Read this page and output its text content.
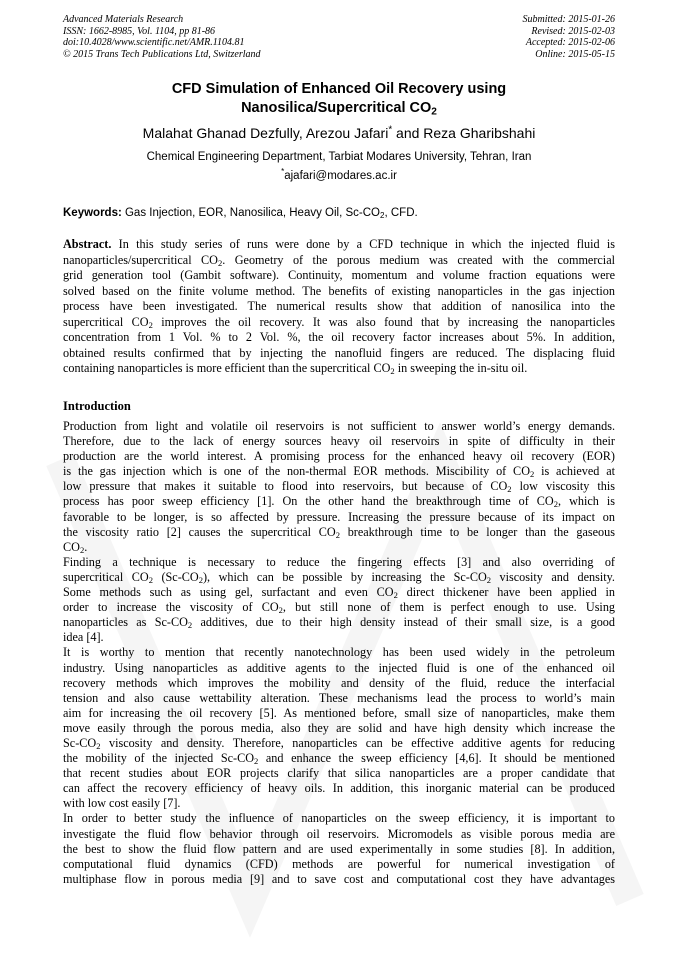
Advanced Materials Research
ISSN: 1662-8985, Vol. 1104, pp 81-86
doi:10.4028/www.scientific.net/AMR.1104.81
© 2015 Trans Tech Publications Ltd, Switzerland
Submitted: 2015-01-26
Revised: 2015-02-03
Accepted: 2015-02-06
Online: 2015-05-15
CFD Simulation of Enhanced Oil Recovery using
Nanosilica/Supercritical $CO_2$
Malahat Ghanad Dezfully, Arezou Jafari* and Reza Gharibshahi
Chemical Engineering Department, Tarbiat Modares University, Tehran, Iran
*ajafari@modares.ac.ir
Keywords: Gas Injection, EOR, Nanosilica, Heavy Oil, $Sc-CO_2$, CFD.
Abstract. In this study series of runs were done by a CFD technique in which the injected fluid is
nanoparticles/supercritical $CO_2$. Geometry of the porous medium was created with the commercial
grid generation tool (Gambit software). Continuity, momentum and volume fraction equations were
solved based on the finite volume method. The benefits of existing nanoparticles in the gas injection
process have been investigated. The numerical results show that addition of nanosilica into the
supercritical $CO_2$ improves the oil recovery. It was also found that by increasing the nanoparticles
concentration from 1 Vol. % to 2 Vol. %, the oil recovery factor increases about 5%. In addition,
obtained results confirmed that by injecting the nanofluid fingers are reduced. The displacing fluid
containing nanoparticles is more efficient than the supercritical $CO_2$ in sweeping the in-situ oil.
Introduction
Production from light and volatile oil reservoirs is not sufficient to answer world’s energy demands.
Therefore, due to the lack of energy sources heavy oil reservoirs in spite of difficulty in their
production are the world interest. A promising process for the enhanced heavy oil recovery (EOR)
is the gas injection which is one of the non-thermal EOR methods. Miscibility of $CO_2$ is achieved at
low pressure that makes it suitable to flood into reservoirs, but because of $CO_2$ low viscosity this
process has poor sweep efficiency [1]. On the other hand the breakthrough time of $CO_2$, which is
favorable to be longer, is so affected by pressure. Increasing the pressure because of its impact on
the viscosity ratio [2] causes the supercritical $CO_2$ breakthrough time to be longer than the gaseous
$CO_2$.
Finding a technique is necessary to reduce the fingering effects [3] and also overriding of
supercritical $CO_2$ $(Sc-CO_2)$, which can be possible by increasing the $Sc-CO_2$ viscosity and density.
Some methods such as using gel, surfactant and even $CO_2$ direct thickener have been applied in
order to increase the viscosity of $CO_2$, but still none of them is perfect enough to use. Using
nanoparticles as $Sc-CO_2$ additives, due to their high density instead of their small size, is a good
idea [4].
It is worthy to mention that recently nanotechnology has been used widely in the petroleum
industry. Using nanoparticles as additive agents to the injected fluid is one of the enhanced oil
recovery methods which improves the mobility and density of the fluid, reduce the interfacial
tension and also cause wettability alteration. These mechanisms lead the process to world’s main
aim for increasing the oil recovery [5]. As mentioned before, small size of nanoparticles, make them
move easily through the porous media, also they are solid and have high density which increase the
$Sc-CO_2$ viscosity and density. Therefore, nanoparticles can be effective additive agents for reducing
the mobility of the injected $Sc-CO_2$ and enhance the sweep efficiency [4,6]. It should be mentioned
that recent studies about EOR projects clarify that silica nanoparticles are a proper candidate that
can affect the recovery efficiency of heavy oils. In addition, this inorganic material can be produced
with low cost easily [7].
In order to better study the influence of nanoparticles on the sweep efficiency, it is important to
investigate the fluid flow behavior through oil reservoirs. Micromodels as visible porous media are
the best to show the fluid flow pattern and are used experimentally in some studies [8]. In addition,
computational fluid dynamics (CFD) methods are powerful for numerical investigation of
multiphase flow in porous media [9] and to save cost and computational cost they have advantages
